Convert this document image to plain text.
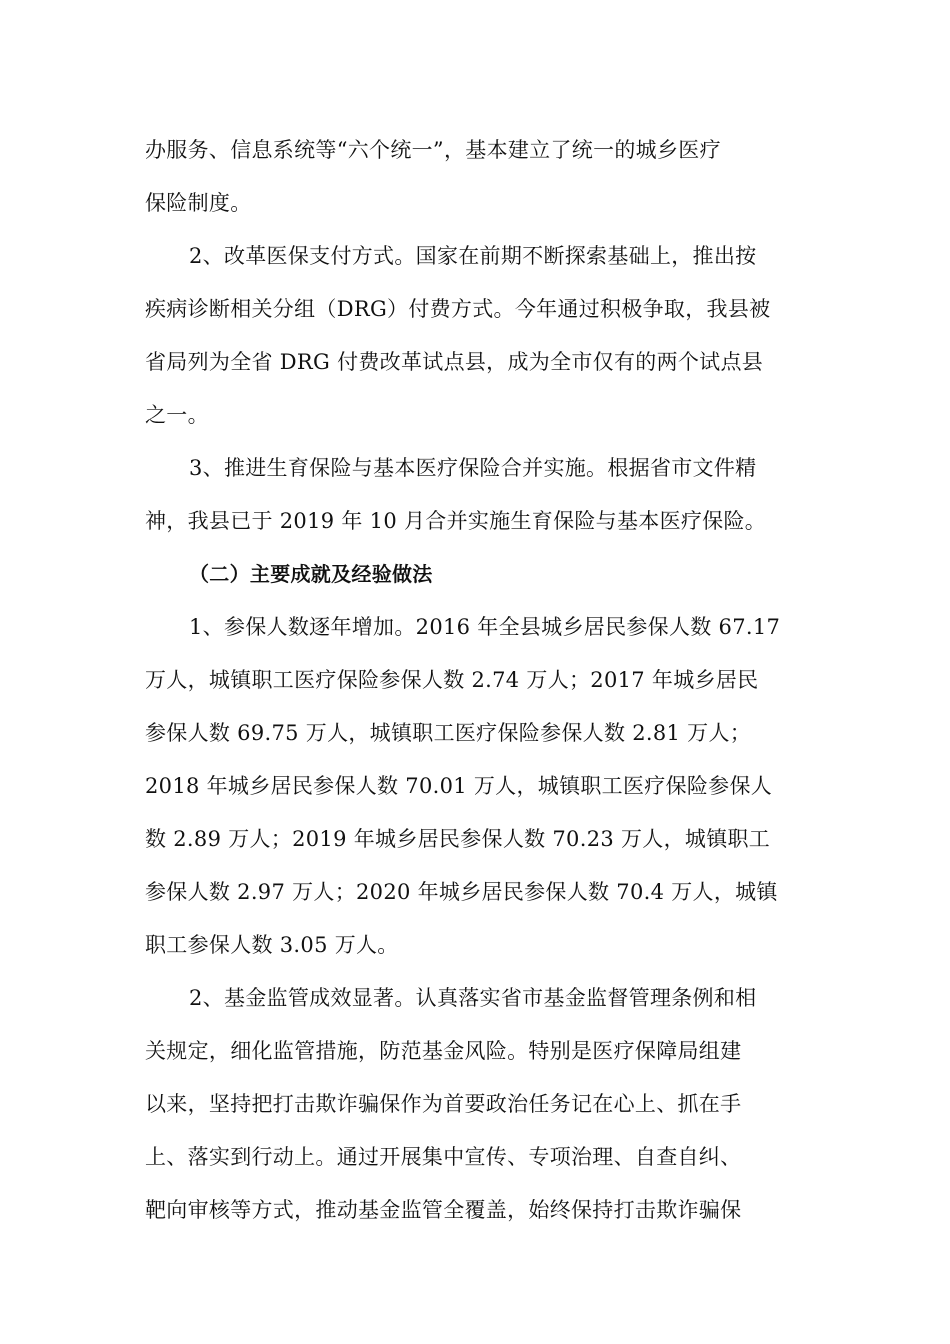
办服务、信息系统等“六个统一”，基本建立了统一的城乡医疗
保险制度。
2、改革医保支付方式。国家在前期不断探索基础上，推出按
疾病诊断相关分组（DRG）付费方式。今年通过积极争取，我县被
省局列为全省 DRG 付费改革试点县，成为全市仅有的两个试点县
之一。
3、推进生育保险与基本医疗保险合并实施。根据省市文件精
神，我县已于 2019 年 10 月合并实施生育保险与基本医疗保险。
（二）主要成就及经验做法
1、参保人数逐年增加。2016 年全县城乡居民参保人数 67.17
万人，城镇职工医疗保险参保人数 2.74 万人；2017 年城乡居民
参保人数 69.75 万人，城镇职工医疗保险参保人数 2.81 万人；
2018 年城乡居民参保人数 70.01 万人，城镇职工医疗保险参保人
数 2.89 万人；2019 年城乡居民参保人数 70.23 万人，城镇职工
参保人数 2.97 万人；2020 年城乡居民参保人数 70.4 万人，城镇
职工参保人数 3.05 万人。
2、基金监管成效显著。认真落实省市基金监督管理条例和相
关规定，细化监管措施，防范基金风险。特别是医疗保障局组建
以来，坚持把打击欺诈骗保作为首要政治任务记在心上、抓在手
上、落实到行动上。通过开展集中宣传、专项治理、自查自纠、
靶向审核等方式，推动基金监管全覆盖，始终保持打击欺诈骗保
